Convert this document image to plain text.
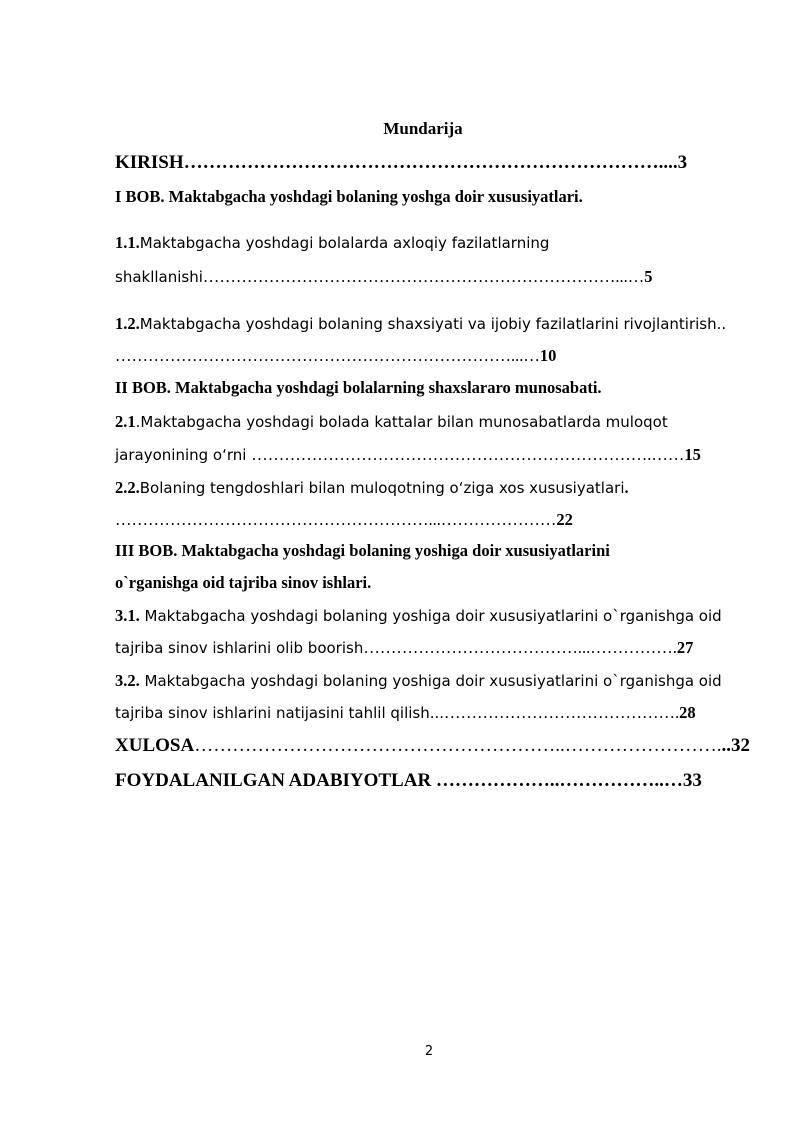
Mundarija
KIRISH…………………………………………………………………....3
I BOB. Maktabgacha yoshdagi bolaning yoshga doir xususiyatlari.
1.1.Maktabgacha yoshdagi bolalarda axloqiy fazilatlarning
shakllanishi…………………………………………………………………...…5
1.2.Maktabgacha yoshdagi bolaning shaxsiyati va ijobiy fazilatlarini rivojlantirish..
………………………………………………………………...…10
II BOB. Maktabgacha yoshdagi bolalarning shaxslararo munosabati.
2.1.Maktabgacha yoshdagi bolada kattalar bilan munosabatlarda muloqot
jarayonining o‘rni ……………………………………………………………….……15
2.2.Bolaning tengdoshlari bilan muloqotning o‘ziga xos xususiyatlari.
…………………………………………………...…………………22
III BOB. Maktabgacha yoshdagi bolaning yoshiga doir xususiyatlarini
o`rganishga oid tajriba sinov ishlari.
3.1. Maktabgacha yoshdagi bolaning yoshiga doir xususiyatlarini o`rganishga oid
tajriba sinov ishlarini olib boorish…………………………………...…………….27
3.2. Maktabgacha yoshdagi bolaning yoshiga doir xususiyatlarini o`rganishga oid
tajriba sinov ishlarini natijasini tahlil qilish...…………………………………….28
XULOSA…………………………………………………..……………………...32
FOYDALANILGAN ADABIYOTLAR ………………..……………..…33
2
